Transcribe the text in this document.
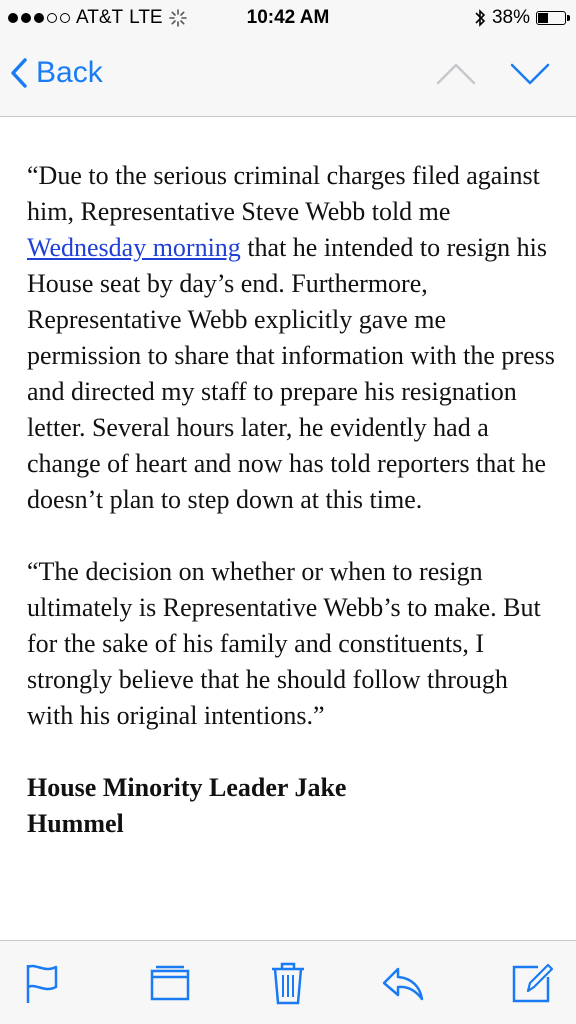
AT&T LTE	10:42 AM	38%
Back

“Due to the serious criminal charges filed against him, Representative Steve Webb told me Wednesday morning that he intended to resign his House seat by day’s end. Furthermore, Representative Webb explicitly gave me permission to share that information with the press and directed my staff to prepare his resignation letter. Several hours later, he evidently had a change of heart and now has told reporters that he doesn’t plan to step down at this time.

“The decision on whether or when to resign ultimately is Representative Webb’s to make. But for the sake of his family and constituents, I strongly believe that he should follow through with his original intentions.”

House Minority Leader Jake Hummel
